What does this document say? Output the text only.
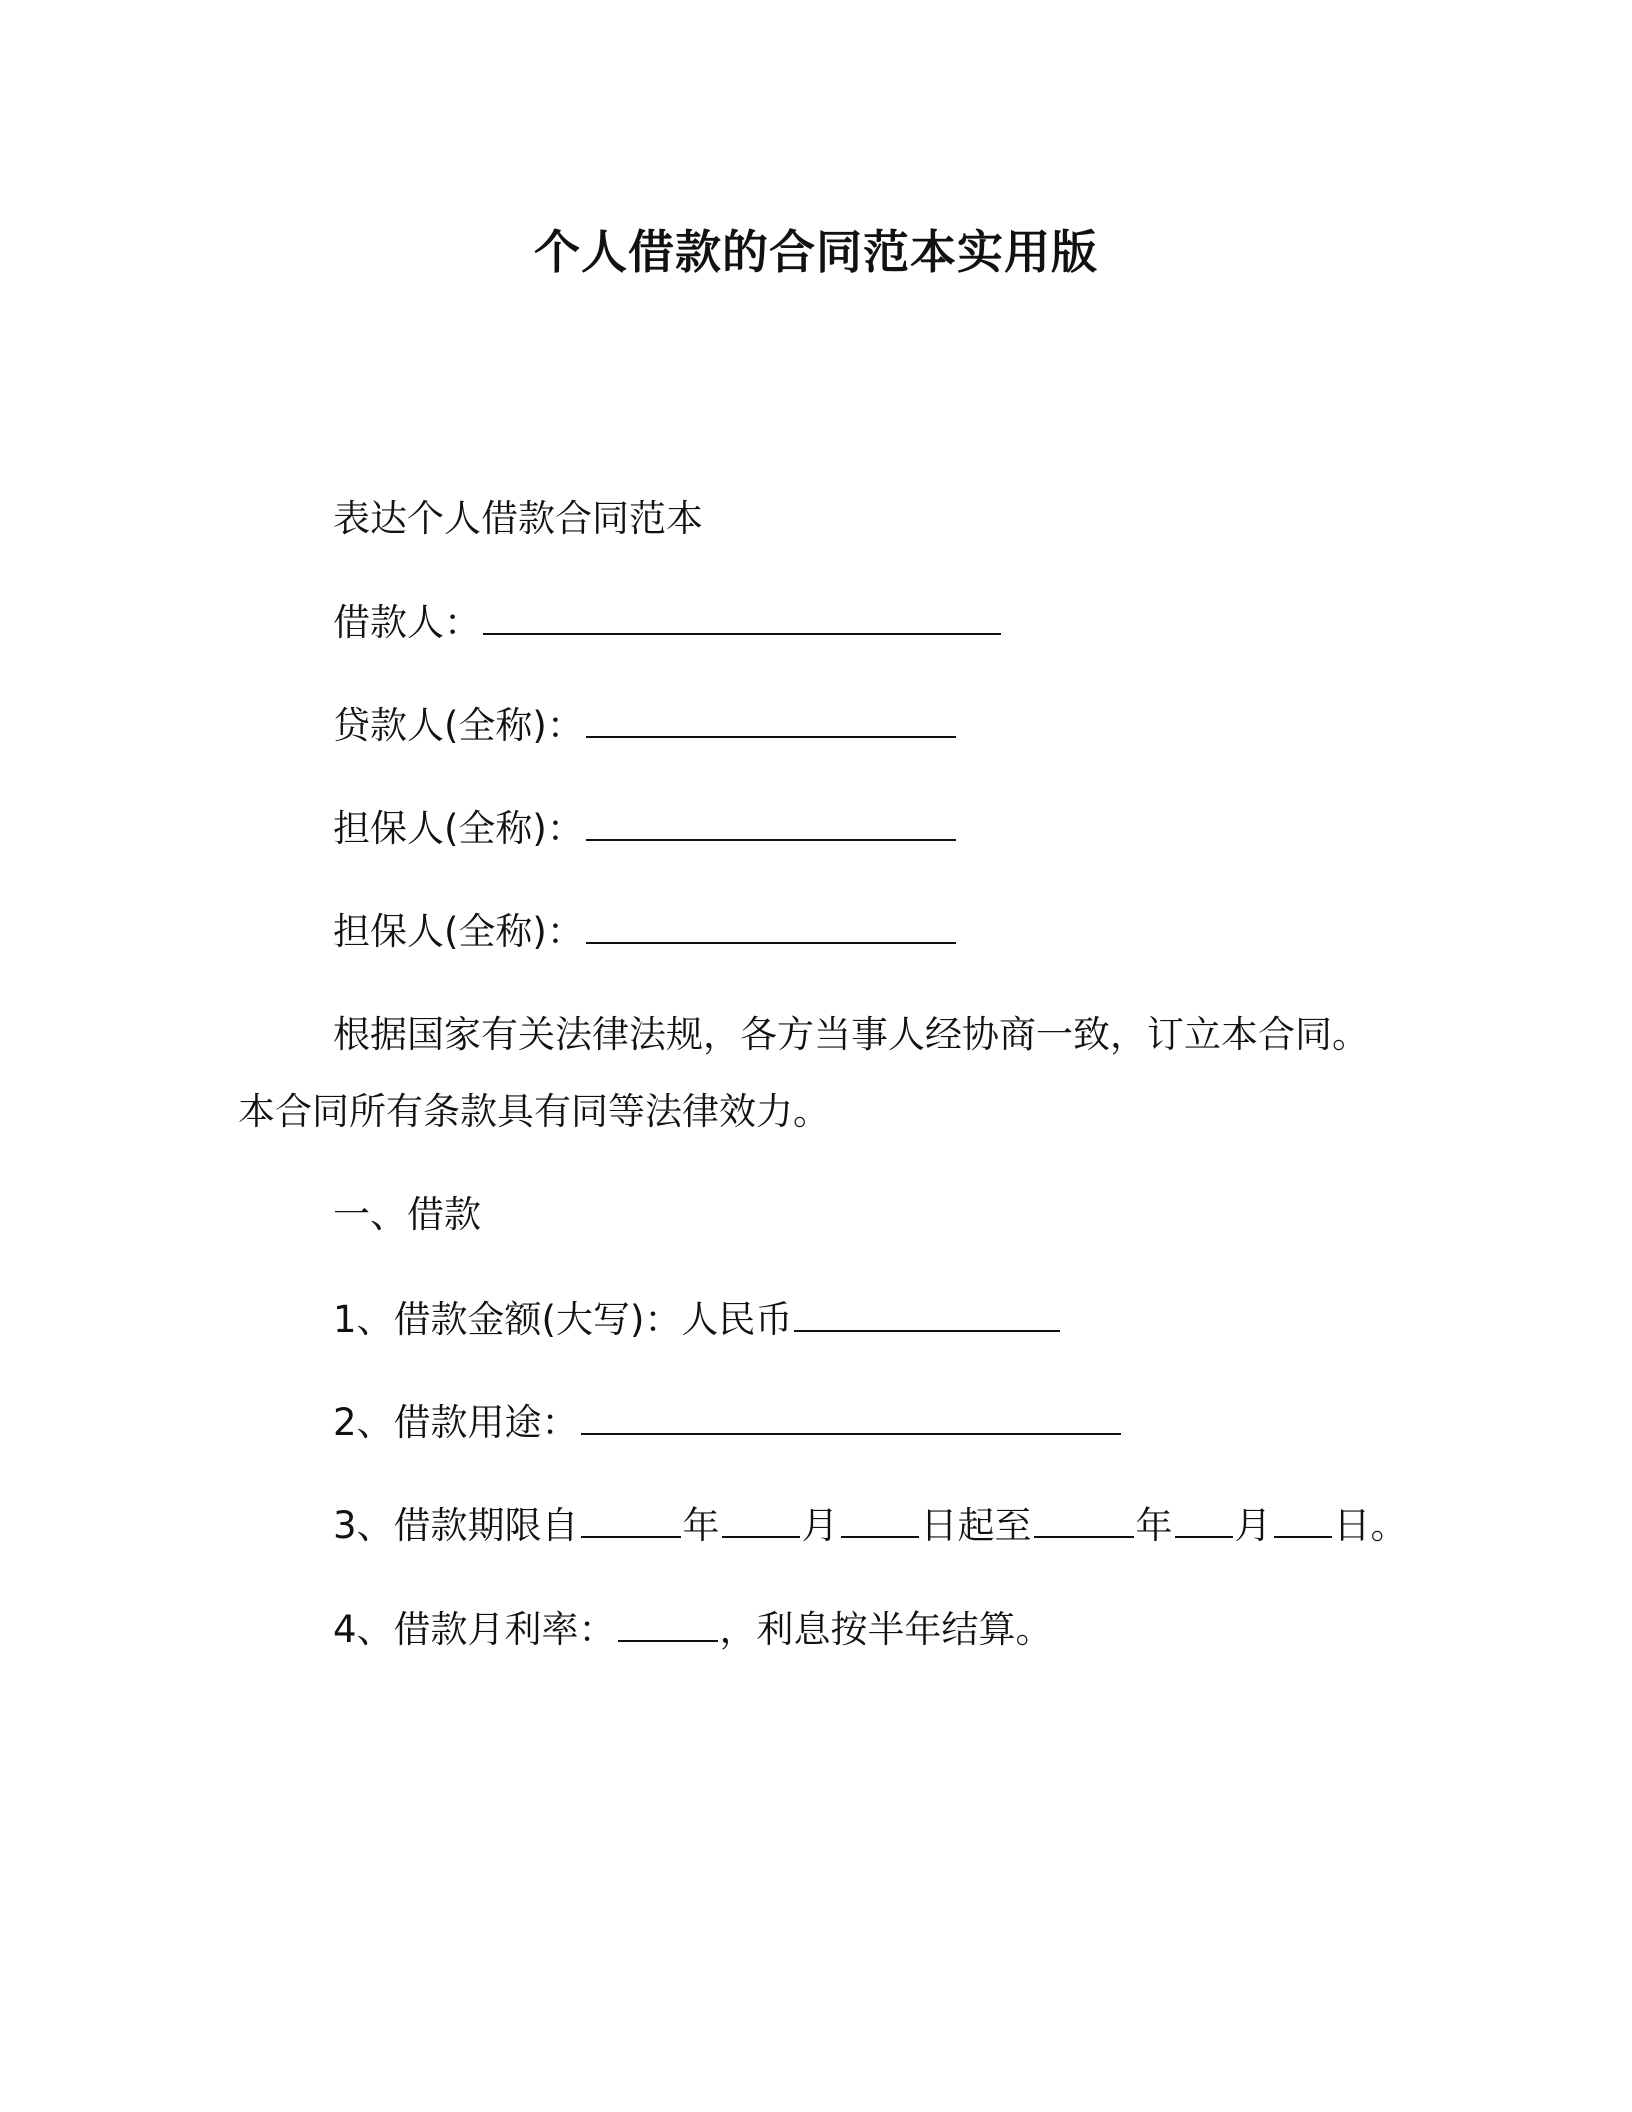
个人借款的合同范本实用版
表达个人借款合同范本
借款人：
贷款人(全称)：
担保人(全称)：
担保人(全称)：
根据国家有关法律法规，各方当事人经协商一致，订立本合同。
本合同所有条款具有同等法律效力。
一、借款
1、借款金额(大写)：人民币
2、借款用途：
3、借款期限自	年 月 日起至	年 月 日。
4、借款月利率：	，利息按半年结算。
